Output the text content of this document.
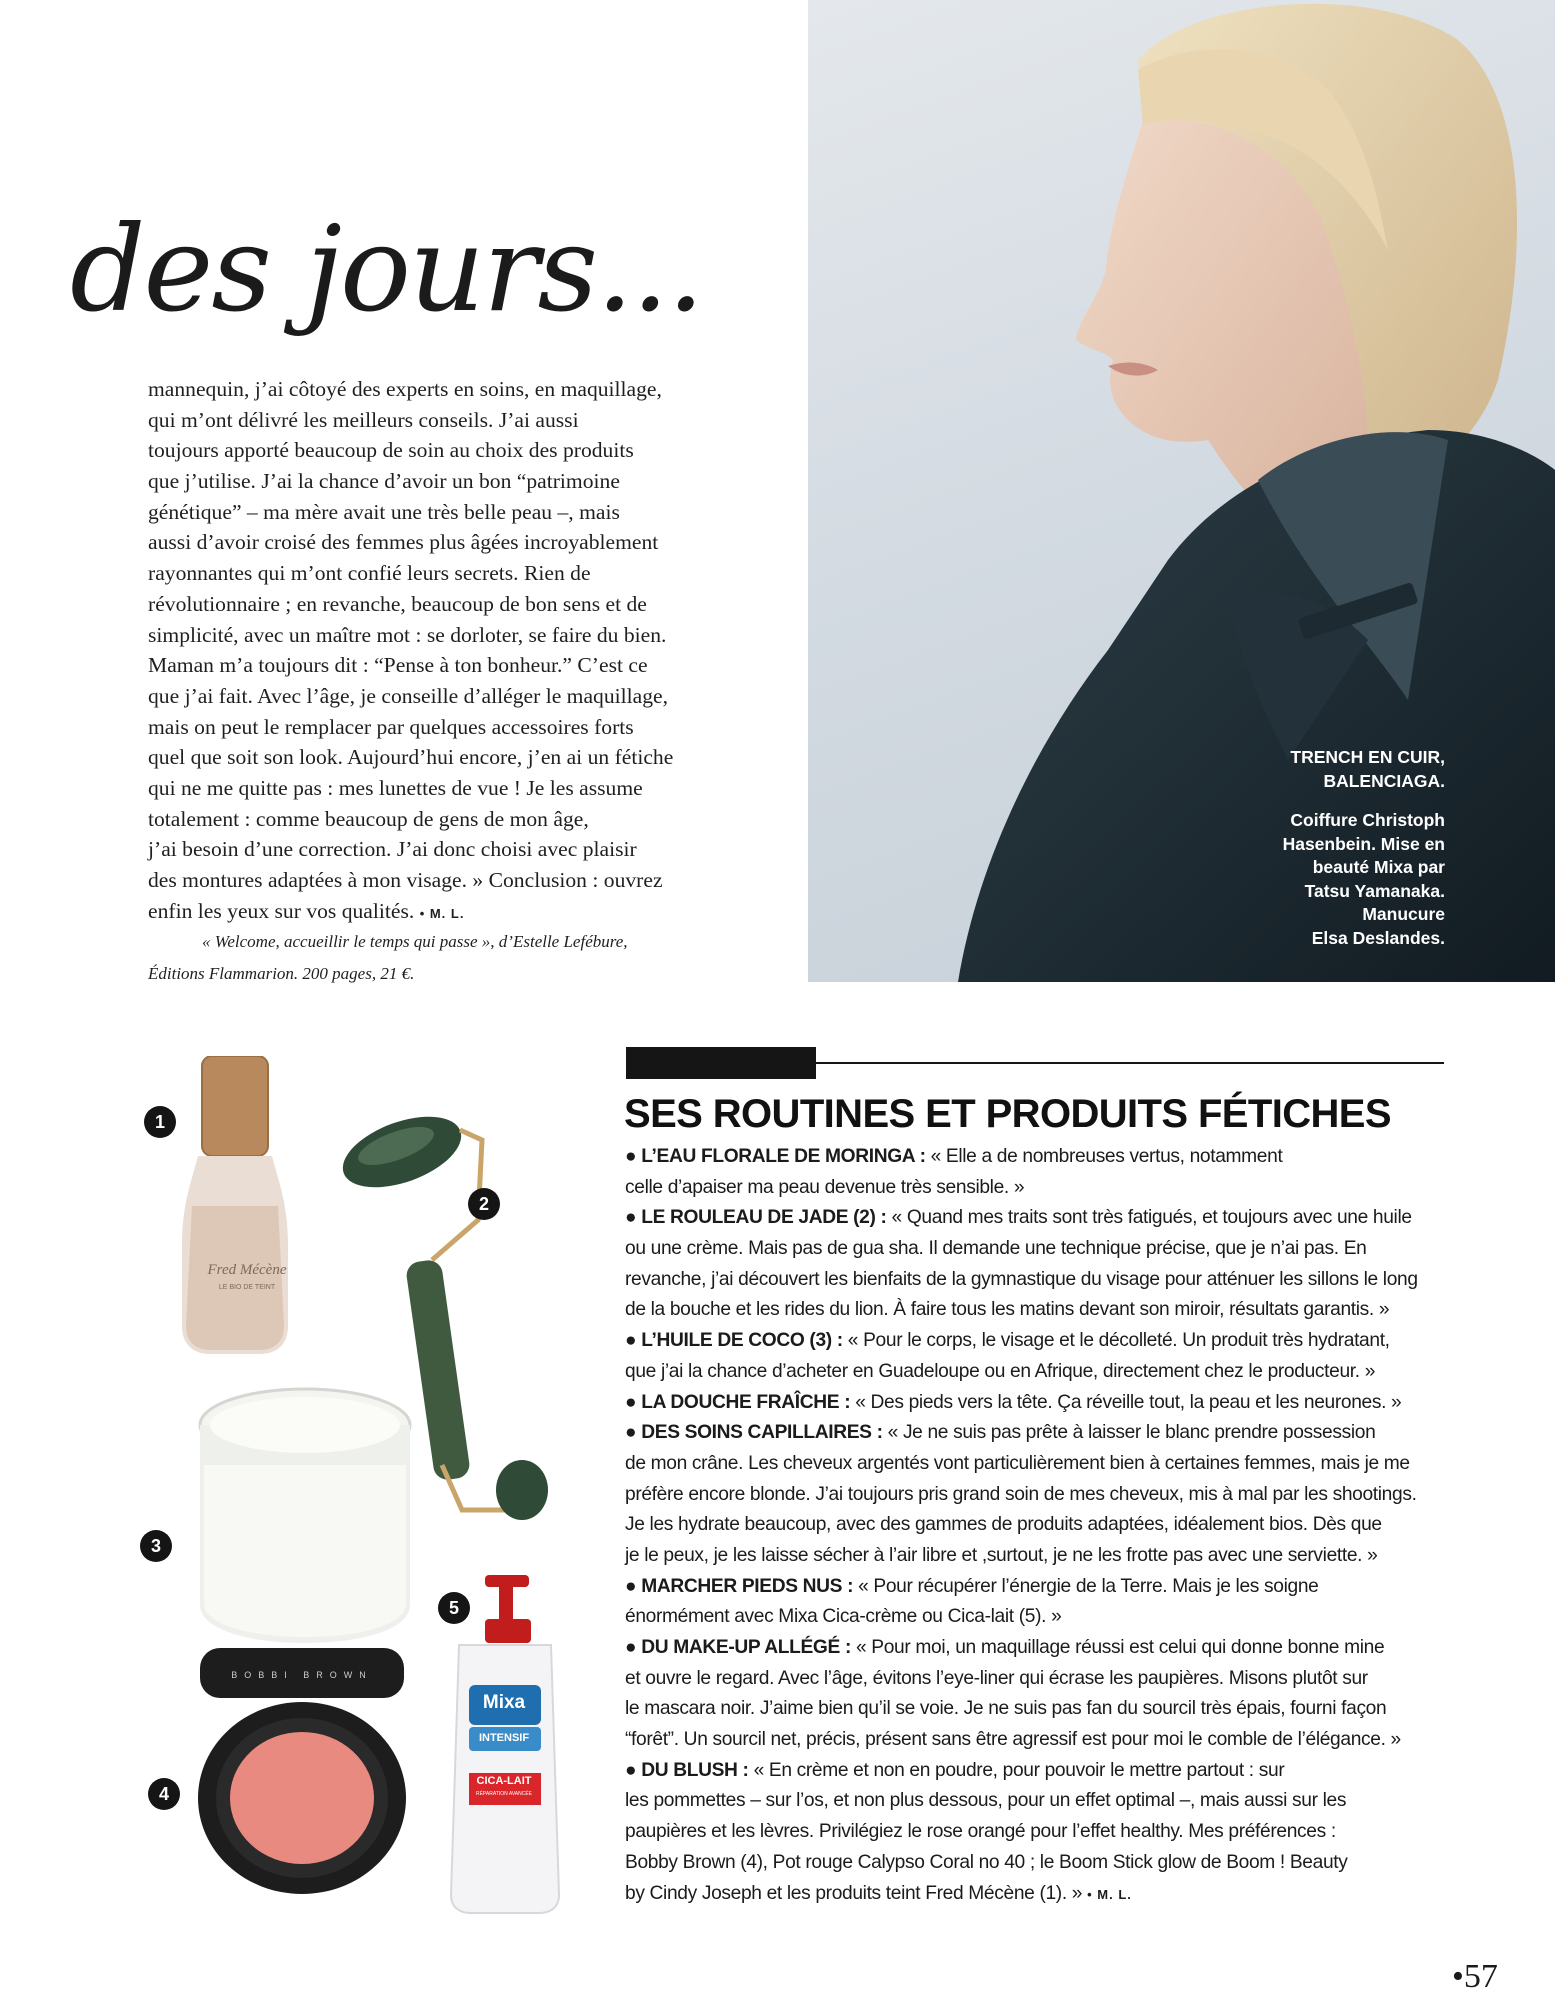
des jours...
mannequin, j’ai côtoyé des experts en soins, en maquillage,
qui m’ont délivré les meilleurs conseils. J’ai aussi
toujours apporté beaucoup de soin au choix des produits
que j’utilise. J’ai la chance d’avoir un bon “patrimoine
génétique” – ma mère avait une très belle peau –, mais
aussi d’avoir croisé des femmes plus âgées incroyablement
rayonnantes qui m’ont confié leurs secrets. Rien de
révolutionnaire ; en revanche, beaucoup de bon sens et de
simplicité, avec un maître mot : se dorloter, se faire du bien.
Maman m’a toujours dit : “Pense à ton bonheur.” C’est ce
que j’ai fait. Avec l’âge, je conseille d’alléger le maquillage,
mais on peut le remplacer par quelques accessoires forts
quel que soit son look. Aujourd’hui encore, j’en ai un fétiche
qui ne me quitte pas : mes lunettes de vue ! Je les assume
totalement : comme beaucoup de gens de mon âge,
j’ai besoin d’une correction. J’ai donc choisi avec plaisir
des montures adaptées à mon visage. » Conclusion : ouvrez
enfin les yeux sur vos qualités. • M. L.
« Welcome, accueillir le temps qui passe », d’Estelle Lefébure,
Éditions Flammarion. 200 pages, 21 €.
TRENCH EN CUIR,
BALENCIAGA.
Coiffure Christoph
Hasenbein. Mise en
beauté Mixa par
Tatsu Yamanaka.
Manucure
Elsa Deslandes.
Fred Mécène
LE BIO DE TEINT
BOBBI BROWN
Mixa
INTENSIF
CICA-LAIT
RÉPARATION AVANCÉE
1
2
3
4
5
SES ROUTINES ET PRODUITS FÉTICHES
● L’EAU FLORALE DE MORINGA : « Elle a de nombreuses vertus, notamment
celle d’apaiser ma peau devenue très sensible. »
● LE ROULEAU DE JADE (2) : « Quand mes traits sont très fatigués, et toujours avec une huile
ou une crème. Mais pas de gua sha. Il demande une technique précise, que je n’ai pas. En
revanche, j’ai découvert les bienfaits de la gymnastique du visage pour atténuer les sillons le long
de la bouche et les rides du lion. À faire tous les matins devant son miroir, résultats garantis. »
● L’HUILE DE COCO (3) : « Pour le corps, le visage et le décolleté. Un produit très hydratant,
que j’ai la chance d’acheter en Guadeloupe ou en Afrique, directement chez le producteur. »
● LA DOUCHE FRAÎCHE : « Des pieds vers la tête. Ça réveille tout, la peau et les neurones. »
● DES SOINS CAPILLAIRES : « Je ne suis pas prête à laisser le blanc prendre possession
de mon crâne. Les cheveux argentés vont particulièrement bien à certaines femmes, mais je me
préfère encore blonde. J’ai toujours pris grand soin de mes cheveux, mis à mal par les shootings.
Je les hydrate beaucoup, avec des gammes de produits adaptées, idéalement bios. Dès que
je le peux, je les laisse sécher à l’air libre et ,surtout, je ne les frotte pas avec une serviette. »
● MARCHER PIEDS NUS : « Pour récupérer l’énergie de la Terre. Mais je les soigne
énormément avec Mixa Cica-crème ou Cica-lait (5). »
● DU MAKE-UP ALLÉGÉ : « Pour moi, un maquillage réussi est celui qui donne bonne mine
et ouvre le regard. Avec l’âge, évitons l’eye-liner qui écrase les paupières. Misons plutôt sur
le mascara noir. J’aime bien qu’il se voie. Je ne suis pas fan du sourcil très épais, fourni façon
“forêt”. Un sourcil net, précis, présent sans être agressif est pour moi le comble de l’élégance. »
● DU BLUSH : « En crème et non en poudre, pour pouvoir le mettre partout : sur
les pommettes – sur l’os, et non plus dessous, pour un effet optimal –, mais aussi sur les
paupières et les lèvres. Privilégiez le rose orangé pour l’effet healthy. Mes préférences :
Bobby Brown (4), Pot rouge Calypso Coral no 40 ; le Boom Stick glow de Boom ! Beauty
by Cindy Joseph et les produits teint Fred Mécène (1). » • M. L.
•57
